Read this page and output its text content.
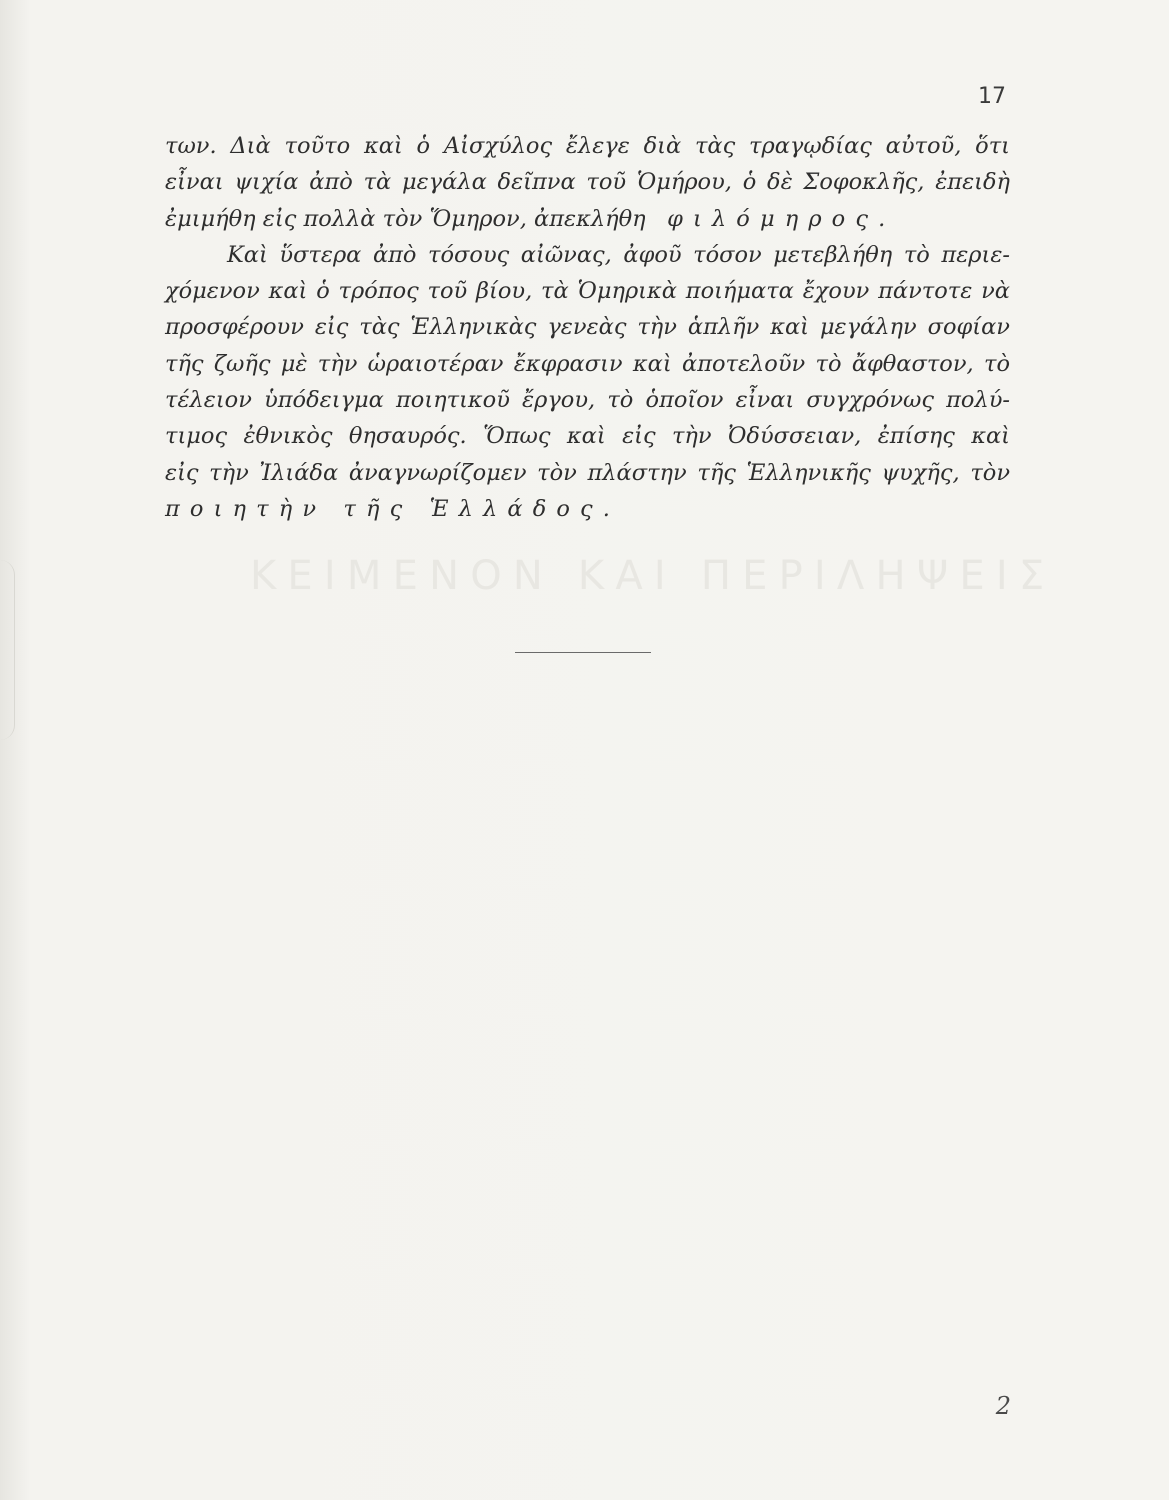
17
των. Διὰ τοῦτο καὶ ὁ Αἰσχύλος ἔλεγε διὰ τὰς τραγῳδίας αὐτοῦ, ὅτι
εἶναι ψιχία ἀπὸ τὰ μεγάλα δεῖπνα τοῦ Ὁμήρου, ὁ δὲ Σοφοκλῆς, ἐπειδὴ
ἐμιμήθη εἰς πολλὰ τὸν Ὅμηρον, ἀπεκλήθη φιλόμηρος.
Καὶ ὕστερα ἀπὸ τόσους αἰῶνας, ἀφοῦ τόσον μετεβλήθη τὸ περιε-
χόμενον καὶ ὁ τρόπος τοῦ βίου, τὰ Ὁμηρικὰ ποιήματα ἔχουν πάντοτε νὰ
προσφέρουν εἰς τὰς Ἑλληνικὰς γενεὰς τὴν ἁπλῆν καὶ μεγάλην σοφίαν
τῆς ζωῆς μὲ τὴν ὡραιοτέραν ἔκφρασιν καὶ ἀποτελοῦν τὸ ἄφθαστον, τὸ
τέλειον ὑπόδειγμα ποιητικοῦ ἔργου, τὸ ὁποῖον εἶναι συγχρόνως πολύ-
τιμος ἐθνικὸς θησαυρός. Ὅπως καὶ εἰς τὴν Ὀδύσσειαν, ἐπίσης καὶ
εἰς τὴν Ἰλιάδα ἀναγνωρίζομεν τὸν πλάστην τῆς Ἑλληνικῆς ψυχῆς, τὸν
ποιητὴν τῆς Ἑλλάδος.
ΚΕΙΜΕΝΟΝ ΚΑΙ ΠΕΡΙΛΗΨΕΙΣ
2
